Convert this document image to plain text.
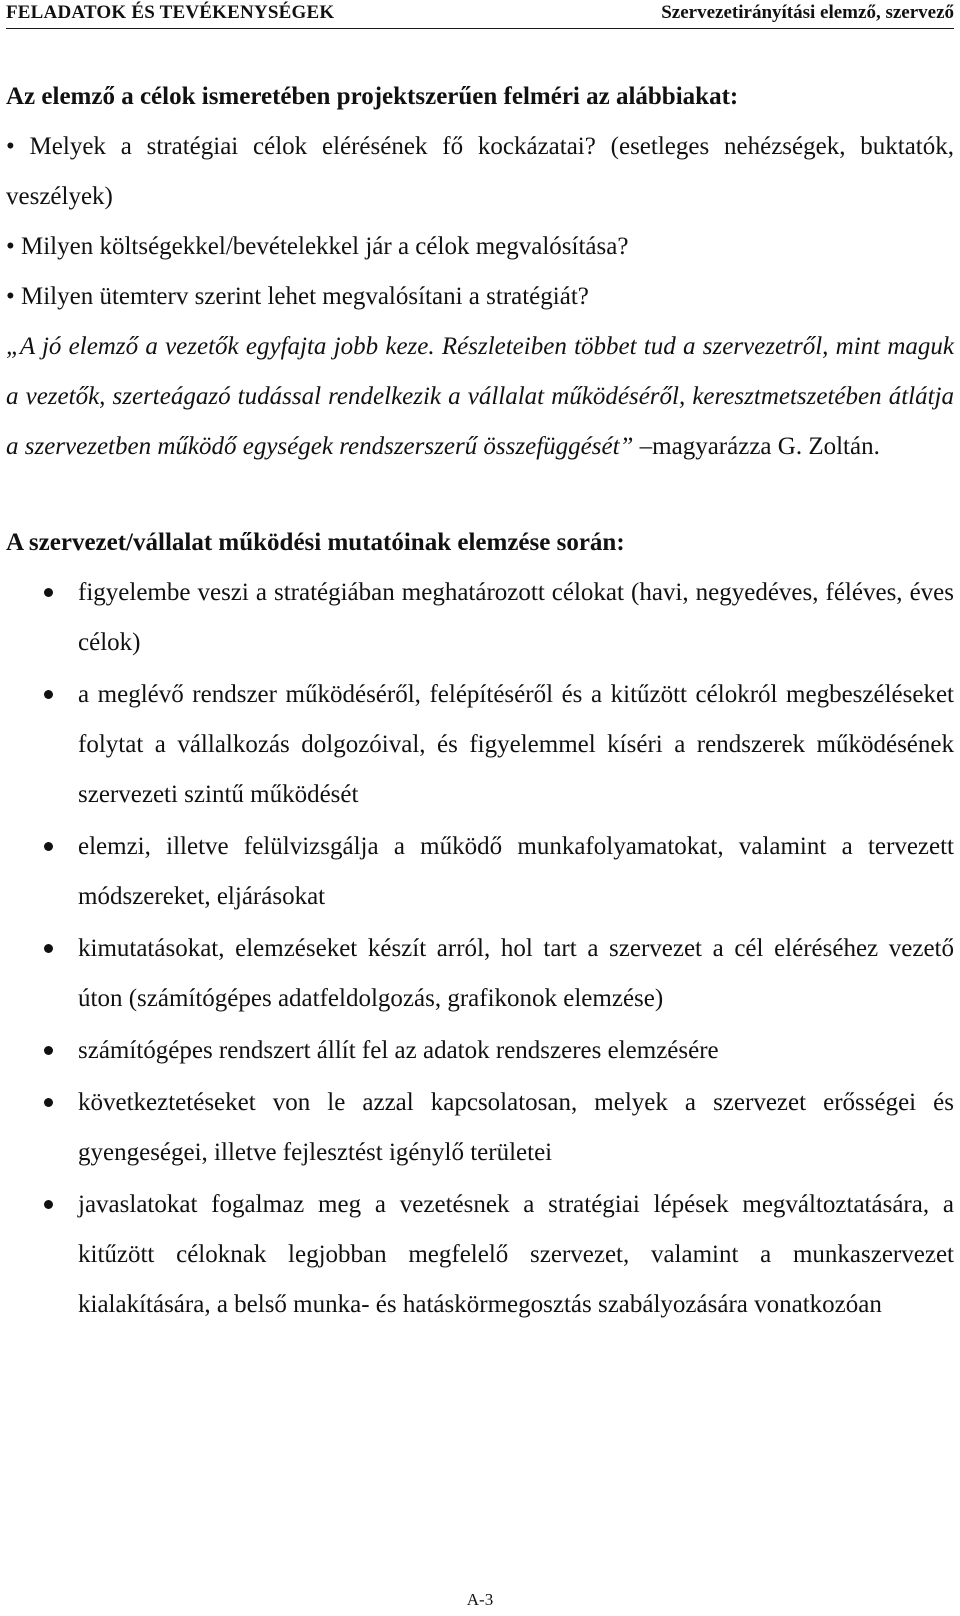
FELADATOK ÉS TEVÉKENYSÉGEK	Szervezetirányítási elemző, szervező

Az elemző a célok ismeretében projektszerűen felméri az alábbiakat:

• Melyek a stratégiai célok elérésének fő kockázatai? (esetleges nehézségek, buktatók, veszélyek)

• Milyen költségekkel/bevételekkel jár a célok megvalósítása?

• Milyen ütemterv szerint lehet megvalósítani a stratégiát?

„A jó elemző a vezetők egyfajta jobb keze. Részleteiben többet tud a szervezetről, mint maguk a vezetők, szerteágazó tudással rendelkezik a vállalat működéséről, keresztmetszetében átlátja a szervezetben működő egységek rendszerszerű összefüggését” –magyarázza G. Zoltán.

A szervezet/vállalat működési mutatóinak elemzése során:

figyelembe veszi a stratégiában meghatározott célokat (havi, negyedéves, féléves, éves célok)
a meglévő rendszer működéséről, felépítéséről és a kitűzött célokról megbeszéléseket folytat a vállalkozás dolgozóival, és figyelemmel kíséri a rendszerek működésének szervezeti szintű működését
elemzi, illetve felülvizsgálja a működő munkafolyamatokat, valamint a tervezett módszereket, eljárásokat
kimutatásokat, elemzéseket készít arról, hol tart a szervezet a cél eléréséhez vezető úton (számítógépes adatfeldolgozás, grafikonok elemzése)
számítógépes rendszert állít fel az adatok rendszeres elemzésére
következtetéseket von le azzal kapcsolatosan, melyek a szervezet erősségei és gyengeségei, illetve fejlesztést igénylő területei
javaslatokat fogalmaz meg a vezetésnek a stratégiai lépések megváltoztatására, a kitűzött céloknak legjobban megfelelő szervezet, valamint a munkaszervezet kialakítására, a belső munka- és hatáskörmegosztás szabályozására vonatkozóan
A-3
